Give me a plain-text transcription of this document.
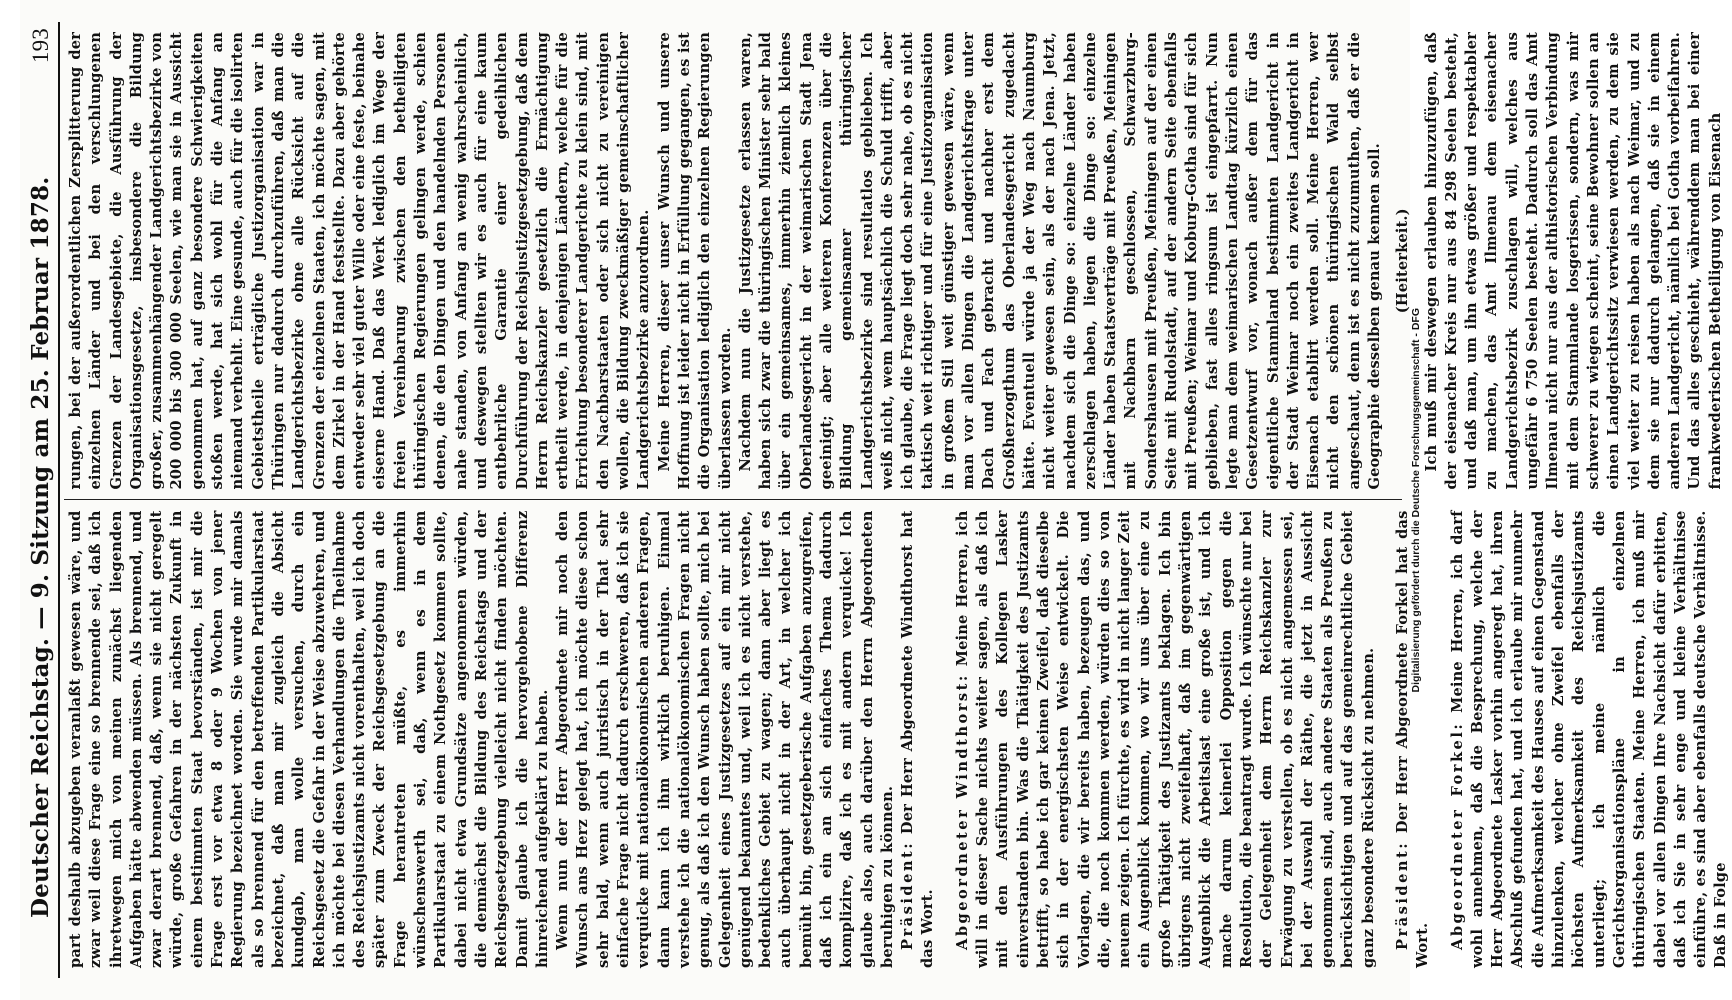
Deutscher Reichstag. — 9. Sitzung am 25. Februar 1878.
193

part deshalb abzugeben veranlaßt gewesen wäre, und zwar weil diese Frage eine so brennende sei, daß ich ihretwegen mich von meinen zunächst liegenden Aufgaben hätte abwenden müssen. Als brennend, und zwar derart brennend, daß, wenn sie nicht geregelt würde, große Gefahren in der nächsten Zukunft in einem bestimmten Staat bevorständen, ist mir die Frage erst vor etwa 8 oder 9 Wochen von jener Regierung bezeichnet worden. Sie wurde mir damals als so brennend für den betreffenden Partikularstaat bezeichnet, daß man mir zugleich die Absicht kundgab, man wolle versuchen, durch ein Reichsgesetz die Gefahr in der Weise abzuwehren, und ich möchte bei diesen Verhandlungen die Theilnahme des Reichsjustizamts nicht vorenthalten, weil ich doch später zum Zweck der Reichsgesetzgebung an die Frage herantreten müßte, es immerhin wünschenswerth sei, daß, wenn es in dem Partikularstaat zu einem Nothgesetz kommen sollte, dabei nicht etwa Grundsätze angenommen würden, die demnächst die Bildung des Reichstags und der Reichsgesetzgebung vielleicht nicht finden möchten. Damit glaube ich die hervorgehobene Differenz hinreichend aufgeklärt zu haben. Wenn nun der Herr Abgeordnete mir noch den Wunsch ans Herz gelegt hat, ich möchte diese schon sehr bald, wenn auch juristisch in der That sehr einfache Frage nicht dadurch erschweren, daß ich sie verquicke mit nationalökonomischen anderen Fragen, dann kann ich ihm wirklich beruhigen. Einmal verstehe ich die nationalökonomischen Fragen nicht genug, als daß ich den Wunsch haben sollte, mich bei Gelegenheit eines Justizgesetzes auf ein mir nicht genügend bekanntes und, weil ich es nicht verstehe, bedenkliches Gebiet zu wagen; dann aber liegt es auch überhaupt nicht in der Art, in welcher ich bemüht bin, gesetzgeberische Aufgaben anzugreifen, daß ich ein an sich einfaches Thema dadurch komplizire, daß ich es mit andern verquicke! Ich glaube also, auch darüber den Herrn Abgeordneten beruhigen zu können. Präsident: Der Herr Abgeordnete Windthorst hat das Wort. Abgeordneter Windthorst: Meine Herren, ich will in dieser Sache nichts weiter sagen, als daß ich mit den Ausführungen des Kollegen Lasker einverstanden bin. Was die Thätigkeit des Justizamts betrifft, so habe ich gar keinen Zweifel, daß dieselbe sich in der energischsten Weise entwickelt. Die Vorlagen, die wir bereits haben, bezeugen das, und die, die noch kommen werden, würden dies so von neuem zeigen. Ich fürchte, es wird in nicht langer Zeit ein Augenblick kommen, wo wir uns über eine zu große Thätigkeit des Justizamts beklagen. Ich bin übrigens nicht zweifelhaft, daß im gegenwärtigen Augenblick die Arbeitslast eine große ist, und ich mache darum keinerlei Opposition gegen die Resolution, die beantragt wurde. Ich wünschte nur bei der Gelegenheit dem Herrn Reichskanzler zur Erwägung zu verstellen, ob es nicht angemessen sei, bei der Auswahl der Räthe, die jetzt in Aussicht genommen sind, auch andere Staaten als Preußen zu berücksichtigen und auf das gemeinrechtliche Gebiet ganz besondere Rücksicht zu nehmen. Präsident: Der Herr Abgeordnete Forkel hat das Wort. Abgeordneter Forkel: Meine Herren, ich darf wohl annehmen, daß die Besprechung, welche der Herr Abgeordnete Lasker vorhin angeregt hat, ihren Abschluß gefunden hat, und ich erlaube mir nunmehr die Aufmerksamkeit des Hauses auf einen Gegenstand hinzulenken, welcher ohne Zweifel ebenfalls der höchsten Aufmerksamkeit des Reichsjustizamts unterliegt; ich meine nämlich die Gerichtsorganisationspläne in einzelnen thüringischen Staaten. Meine Herren, ich muß mir dabei vor allen Dingen Ihre Nachsicht dafür erbitten, daß ich Sie in sehr enge und kleine Verhältnisse einführe, es sind aber ebenfalls deutsche Verhältnisse. Daß in Folge

rungen, bei der außerordentlichen Zersplitterung der einzelnen Länder und bei den verschlungenen Grenzen der Landesgebiete, die Ausführung der Organisationsgesetze, insbesondere die Bildung großer, zusammenhängender Landgerichtsbezirke von 200 000 bis 300 000 Seelen, wie man sie in Aussicht genommen hat, auf ganz besondere Schwierigkeiten stoßen werde, hat sich wohl für die Anfang an niemand verhehlt. Eine gesunde, auch für die isolirten Gebietstheile erträgliche Justizorganisation war in Thüringen nur dadurch durchzuführen, daß man die Landgerichtsbezirke ohne alle Rücksicht auf die Grenzen der einzelnen Staaten, ich möchte sagen, mit dem Zirkel in der Hand feststellte. Dazu aber gehörte entweder sehr viel guter Wille oder eine feste, beinahe eiserne Hand. Daß das Werk lediglich im Wege der freien Vereinbarung zwischen den betheiligten thüringischen Regierungen gelingen werde, schien denen, die den Dingen und den handelnden Personen nahe standen, von Anfang an wenig wahrscheinlich, und deswegen stellten wir es auch für eine kaum entbehrliche Garantie einer gedeihlichen Durchführung der Reichsjustizgesetzgebung, daß dem Herrn Reichskanzler gesetzlich die Ermächtigung ertheilt werde, in denjenigen Ländern, welche für die Errichtung besonderer Landgerichte zu klein sind, mit den Nachbarstaaten oder sich nicht zu vereinigen wollen, die Bildung zweckmäßiger gemeinschaftlicher Landgerichtsbezirke anzuordnen. Meine Herren, dieser unser Wunsch und unsere Hoffnung ist leider nicht in Erfüllung gegangen, es ist die Organisation lediglich den einzelnen Regierungen überlassen worden. Nachdem nun die Justizgesetze erlassen waren, haben sich zwar die thüringischen Minister sehr bald über ein gemeinsames, immerhin ziemlich kleines Oberlandesgericht in der weimarischen Stadt Jena geeinigt; aber alle weiteren Konferenzen über die Bildung gemeinsamer thüringischer Landgerichtsbezirke sind resultatlos geblieben. Ich weiß nicht, wem hauptsächlich die Schuld trifft, aber ich glaube, die Frage liegt doch sehr nahe, ob es nicht taktisch weit richtiger und für eine Justizorganisation in großem Stil weit günstiger gewesen wäre, wenn man vor allen Dingen die Landgerichtsfrage unter Dach und Fach gebracht und nachher erst dem Großherzogthum das Oberlandesgericht zugedacht hätte. Eventuell würde ja der Weg nach Naumburg nicht weiter gewesen sein, als der nach Jena. Jetzt, nachdem sich die Dinge so: einzelne Länder haben zerschlagen haben, liegen die Dinge so: einzelne Länder haben Staatsverträge mit Preußen, Meiningen mit Nachbarn geschlossen, Schwarzburg-Sondershausen mit Preußen, Meiningen auf der einen Seite mit Rudolstadt, auf der andern Seite ebenfalls mit Preußen; Weimar und Koburg-Gotha sind für sich geblieben, fast alles ringsum ist eingepfarrt. Nun legte man dem weimarischen Landtag kürzlich einen Gesetzentwurf vor, wonach außer dem für das eigentliche Stammland bestimmten Landgericht in der Stadt Weimar noch ein zweites Landgericht in Eisenach etablirt werden soll. Meine Herren, wer nicht den schönen thüringischen Wald selbst angeschaut, denn ist es nicht zuzumuthen, daß er die Geographie desselben genau kennen soll. (Heiterkeit.) Ich muß mir deswegen erlauben hinzuzufügen, daß der eisenacher Kreis nur aus 84 298 Seelen besteht, und daß man, um ihn etwas größer und respektabler zu machen, das Amt Ilmenau dem eisenacher Landgerichtsbezirk zuschlagen will, welches aus ungefähr 6 750 Seelen besteht. Dadurch soll das Amt Ilmenau nicht nur aus der althistorischen Verbindung mit dem Stammlande losgerissen, sondern, was mir schwerer zu wiegen scheint, seine Bewohner sollen an einen Landgerichtssitz verwiesen werden, zu dem sie viel weiter zu reisen haben als nach Weimar, und zu dem sie nur dadurch gelangen, daß sie in einem anderen Landgericht, nämlich bei Gotha vorbeifahren. Und das alles geschieht, währenddem man bei einer frankwederischen Betheiligung von Eisenach

Digitalisierung gefördert durch die Deutsche Forschungsgemeinschaft - DFG
